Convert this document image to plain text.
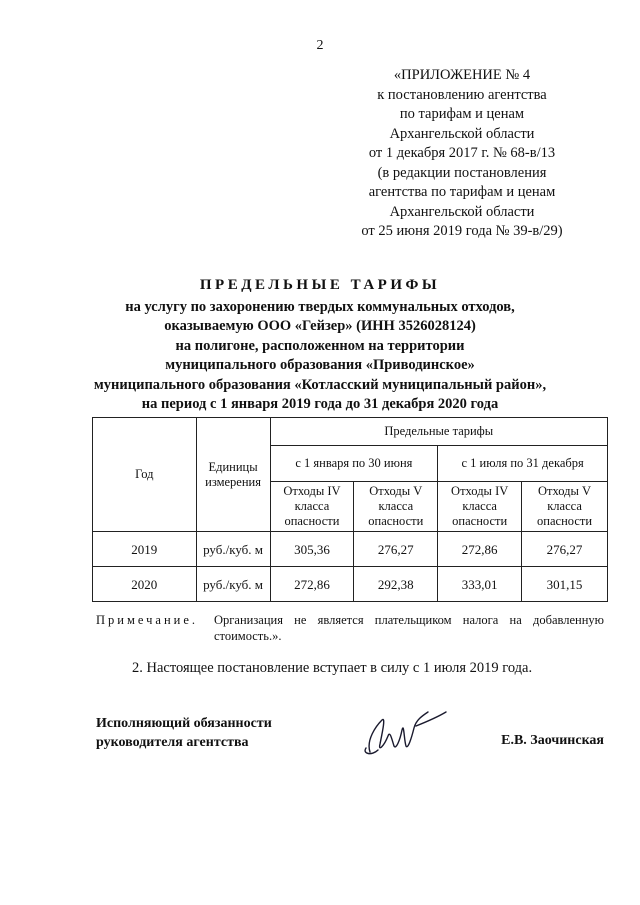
2
«ПРИЛОЖЕНИЕ № 4
к постановлению агентства
по тарифам и ценам
Архангельской области
от 1 декабря 2017 г. № 68-в/13
(в редакции постановления
агентства по тарифам и ценам
Архангельской области
от 25 июня 2019 года № 39-в/29)
ПРЕДЕЛЬНЫЕ ТАРИФЫ
на услугу по захоронению твердых коммунальных отходов,
оказываемую ООО «Гейзер» (ИНН 3526028124)
на полигоне, расположенном на территории
муниципального образования «Приводинское»
муниципального образования «Котласский муниципальный район»,
на период с 1 января 2019 года до 31 декабря 2020 года
Год	Единицы измерения	Предельные тарифы			
		с 1 января по 30 июня		с 1 июля по 31 декабря	
		Отходы IV класса опасности	Отходы V класса опасности	Отходы IV класса опасности	Отходы V класса опасности
2019	руб./куб. м	305,36	276,27	272,86	276,27
2020	руб./куб. м	272,86	292,38	333,01	301,15
Примечание. Организация не является плательщиком налога на добавленную стоимость.».
2. Настоящее постановление вступает в силу с 1 июля 2019 года.
Исполняющий обязанности
руководителя агентства	Е.В. Заочинская
